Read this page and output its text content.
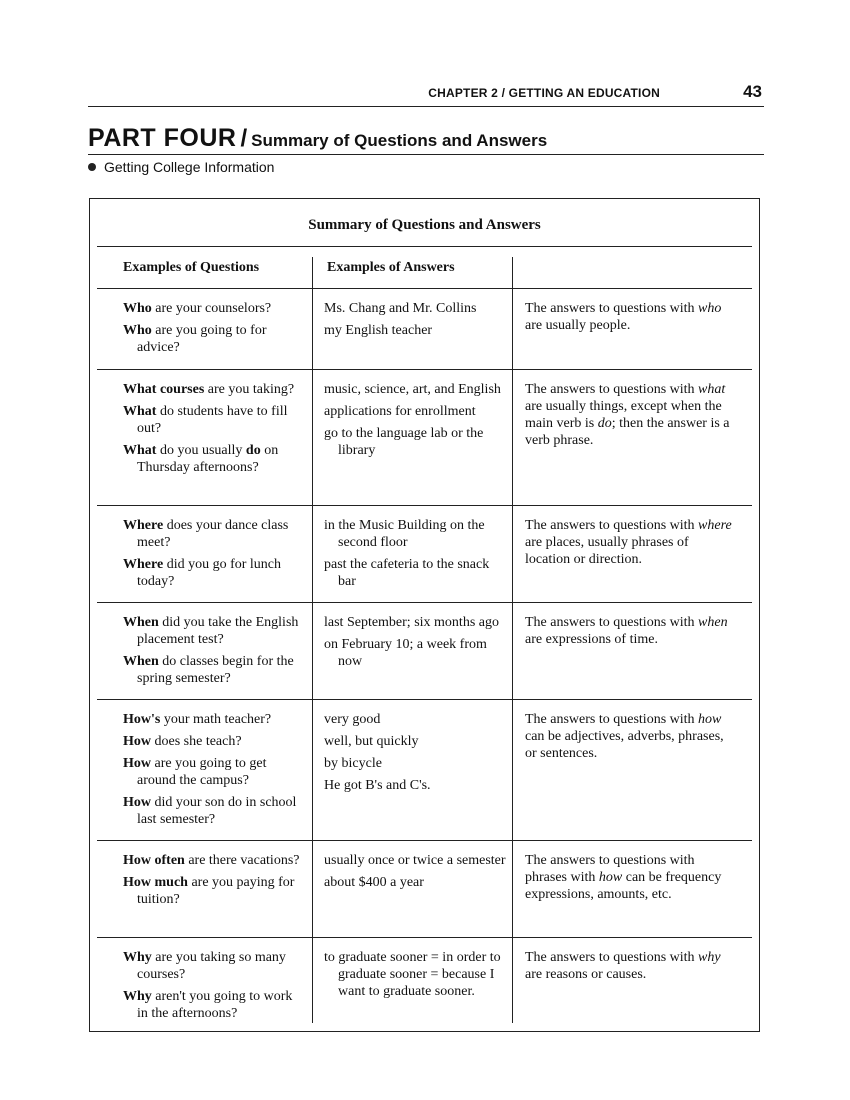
CHAPTER 2 / GETTING AN EDUCATION	43
PART FOUR / Summary of Questions and Answers
Getting College Information
Summary of Questions and Answers
Examples of Questions	Examples of Answers
Who are your counselors?
Who are you going to for advice?
Ms. Chang and Mr. Collins
my English teacher
The answers to questions with who are usually people.
What courses are you taking?
What do students have to fill out?
What do you usually do on Thursday afternoons?
music, science, art, and English
applications for enrollment
go to the language lab or the library
The answers to questions with what are usually things, except when the main verb is do; then the answer is a verb phrase.
Where does your dance class meet?
Where did you go for lunch today?
in the Music Building on the second floor
past the cafeteria to the snack bar
The answers to questions with where are places, usually phrases of location or direction.
When did you take the English placement test?
When do classes begin for the spring semester?
last September; six months ago
on February 10; a week from now
The answers to questions with when are expressions of time.
How's your math teacher?
How does she teach?
How are you going to get around the campus?
How did your son do in school last semester?
very good
well, but quickly
by bicycle
He got B's and C's.
The answers to questions with how can be adjectives, adverbs, phrases, or sentences.
How often are there vacations?
How much are you paying for tuition?
usually once or twice a semester
about $400 a year
The answers to questions with phrases with how can be frequency expressions, amounts, etc.
Why are you taking so many courses?
Why aren't you going to work in the afternoons?
to graduate sooner = in order to graduate sooner = because I want to graduate sooner.
The answers to questions with why are reasons or causes.
